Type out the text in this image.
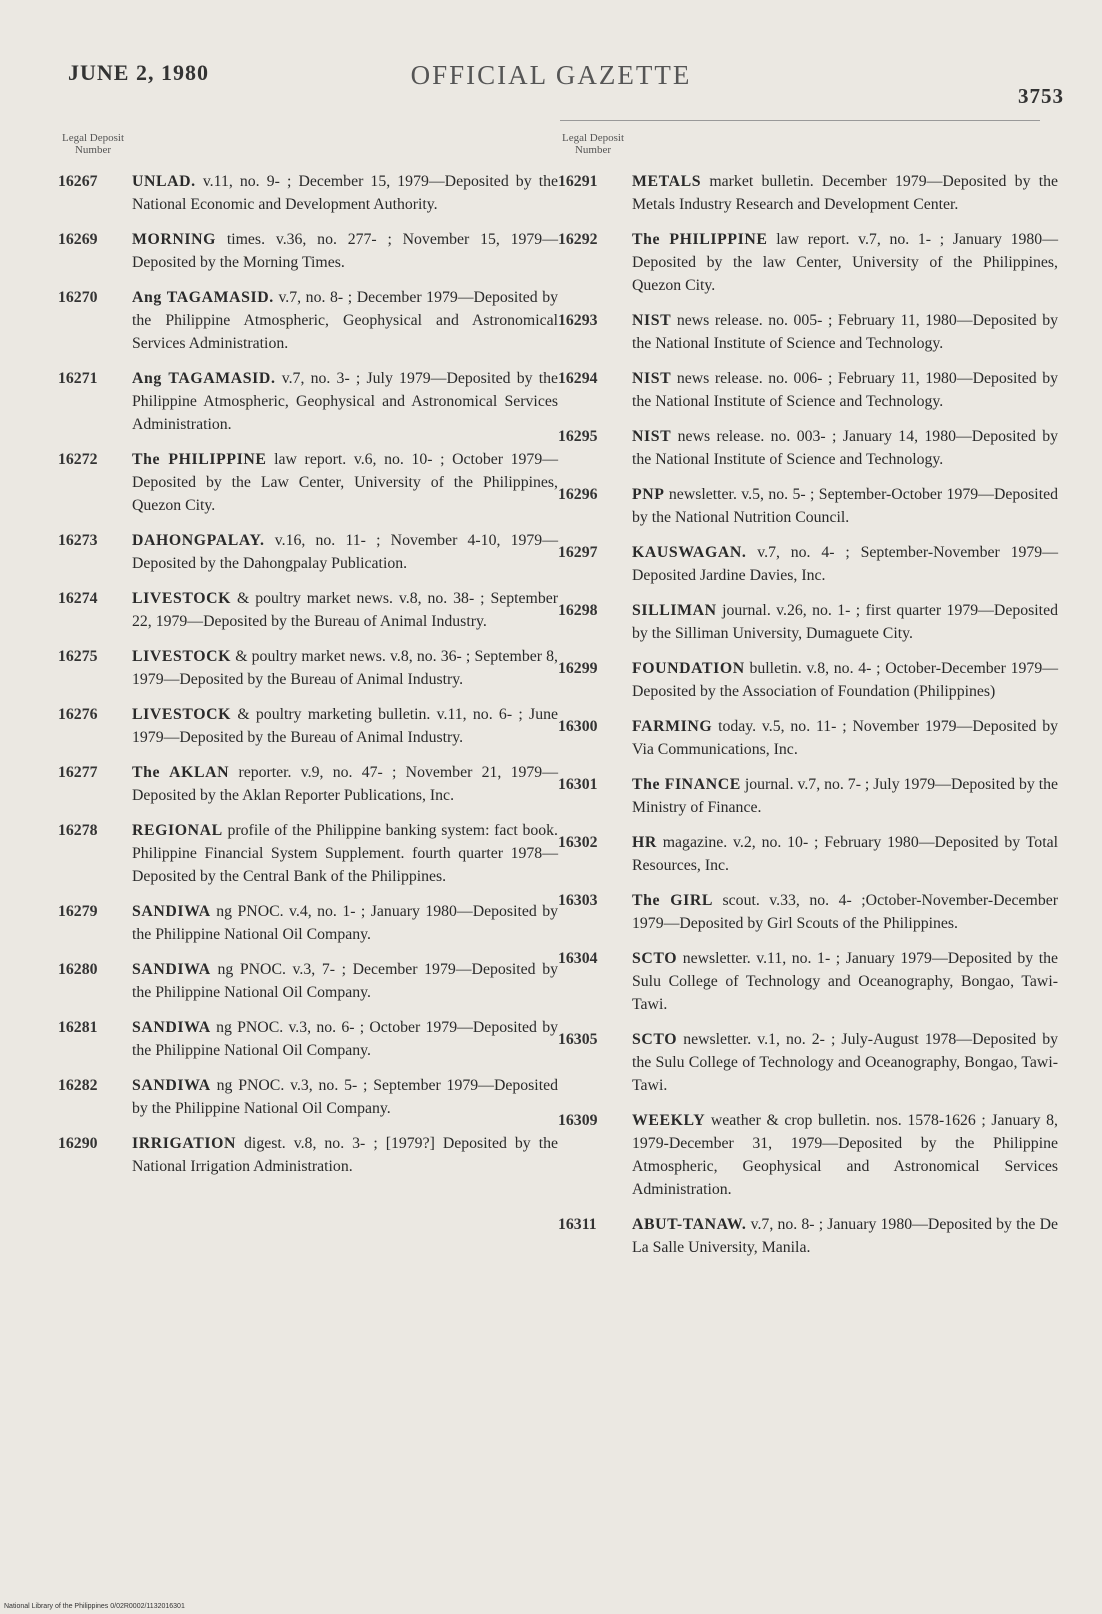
JUNE 2, 1980	OFFICIAL GAZETTE
3753
Legal Deposit
Number
16267 UNLAD. v.11, no. 9- ; December 15, 1979—Deposited by the National Economic and Development Authority.
16269 MORNING times. v.36, no. 277- ; November 15, 1979—Deposited by the Morning Times.
16270 Ang TAGAMASID. v.7, no. 8- ; December 1979—Deposited by the Philippine Atmospheric, Geophysical and Astronomical Services Administration.
16271 Ang TAGAMASID. v.7, no. 3- ; July 1979—Deposited by the Philippine Atmospheric, Geophysical and Astronomical Services Administration.
16272 The PHILIPPINE law report. v.6, no. 10- ; October 1979—Deposited by the Law Center, University of the Philippines, Quezon City.
16273 DAHONGPALAY. v.16, no. 11- ; November 4-10, 1979—Deposited by the Dahongpalay Publication.
16274 LIVESTOCK & poultry market news. v.8, no. 38- ; September 22, 1979—Deposited by the Bureau of Animal Industry.
16275 LIVESTOCK & poultry market news. v.8, no. 36- ; September 8, 1979—Deposited by the Bureau of Animal Industry.
16276 LIVESTOCK & poultry marketing bulletin. v.11, no. 6- ; June 1979—Deposited by the Bureau of Animal Industry.
16277 The AKLAN reporter. v.9, no. 47- ; November 21, 1979—Deposited by the Aklan Reporter Publications, Inc.
16278 REGIONAL profile of the Philippine banking system: fact book. Philippine Financial System Supplement. fourth quarter 1978—Deposited by the Central Bank of the Philippines.
16279 SANDIWA ng PNOC. v.4, no. 1- ; January 1980—Deposited by the Philippine National Oil Company.
16280 SANDIWA ng PNOC. v.3, 7- ; December 1979—Deposited by the Philippine National Oil Company.
16281 SANDIWA ng PNOC. v.3, no. 6- ; October 1979—Deposited by the Philippine National Oil Company.
16282 SANDIWA ng PNOC. v.3, no. 5- ; September 1979—Deposited by the Philippine National Oil Company.
16290 IRRIGATION digest. v.8, no. 3- ; [1979?] Deposited by the National Irrigation Administration.
Legal Deposit
Number
16291 METALS market bulletin. December 1979—Deposited by the Metals Industry Research and Development Center.
16292 The PHILIPPINE law report. v.7, no. 1- ; January 1980—Deposited by the law Center, University of the Philippines, Quezon City.
16293 NIST news release. no. 005- ; February 11, 1980—Deposited by the National Institute of Science and Technology.
16294 NIST news release. no. 006- ; February 11, 1980—Deposited by the National Institute of Science and Technology.
16295 NIST news release. no. 003- ; January 14, 1980—Deposited by the National Institute of Science and Technology.
16296 PNP newsletter. v.5, no. 5- ; September-October 1979—Deposited by the National Nutrition Council.
16297 KAUSWAGAN. v.7, no. 4- ; September-November 1979—Deposited Jardine Davies, Inc.
16298 SILLIMAN journal. v.26, no. 1- ; first quarter 1979—Deposited by the Silliman University, Dumaguete City.
16299 FOUNDATION bulletin. v.8, no. 4- ; October-December 1979—Deposited by the Association of Foundation (Philippines)
16300 FARMING today. v.5, no. 11- ; November 1979—Deposited by Via Communications, Inc.
16301 The FINANCE journal. v.7, no. 7- ; July 1979—Deposited by the Ministry of Finance.
16302 HR magazine. v.2, no. 10- ; February 1980—Deposited by Total Resources, Inc.
16303 The GIRL scout. v.33, no. 4- ;October-November-December 1979—Deposited by Girl Scouts of the Philippines.
16304 SCTO newsletter. v.11, no. 1- ; January 1979—Deposited by the Sulu College of Technology and Oceanography, Bongao, Tawi-Tawi.
16305 SCTO newsletter. v.1, no. 2- ; July-August 1978—Deposited by the Sulu College of Technology and Oceanography, Bongao, Tawi-Tawi.
16309 WEEKLY weather & crop bulletin. nos. 1578-1626 ; January 8, 1979-December 31, 1979—Deposited by the Philippine Atmospheric, Geophysical and Astronomical Services Administration.
16311 ABUT-TANAW. v.7, no. 8- ; January 1980—Deposited by the De La Salle University, Manila.
National Library of the Philippines 0/02R0002/1132016301
